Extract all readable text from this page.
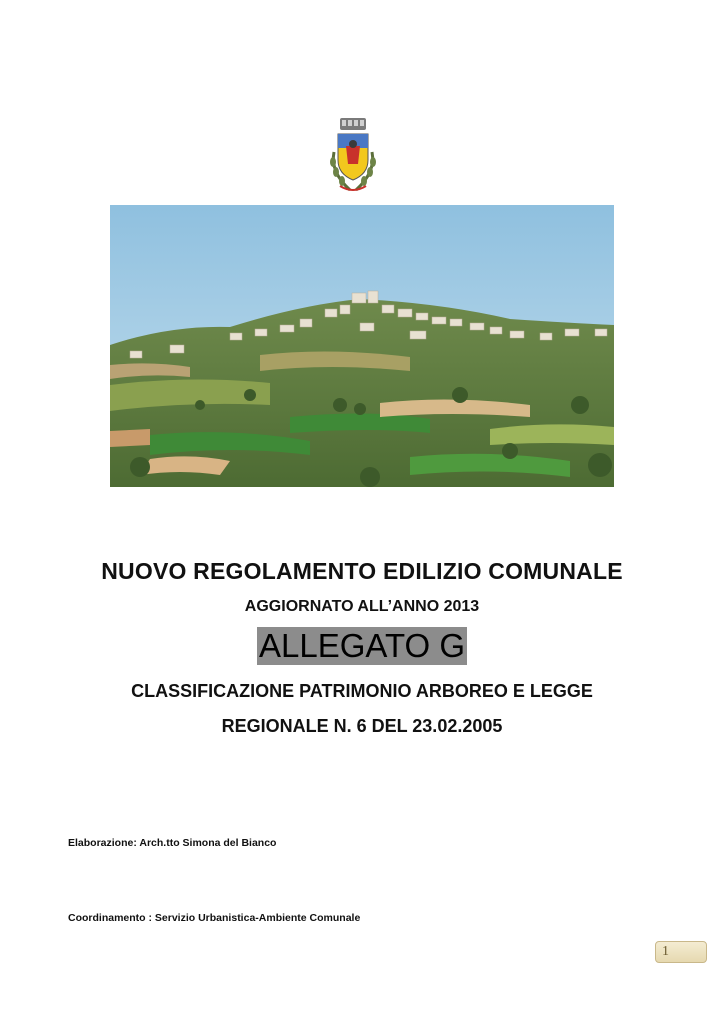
NUOVO REGOLAMENTO EDILIZIO COMUNALE
AGGIORNATO ALL’ANNO 2013
ALLEGATO G
CLASSIFICAZIONE PATRIMONIO ARBOREO E LEGGE
REGIONALE N. 6 DEL 23.02.2005
Elaborazione: Arch.tto Simona del Bianco
Coordinamento : Servizio Urbanistica-Ambiente Comunale
1
